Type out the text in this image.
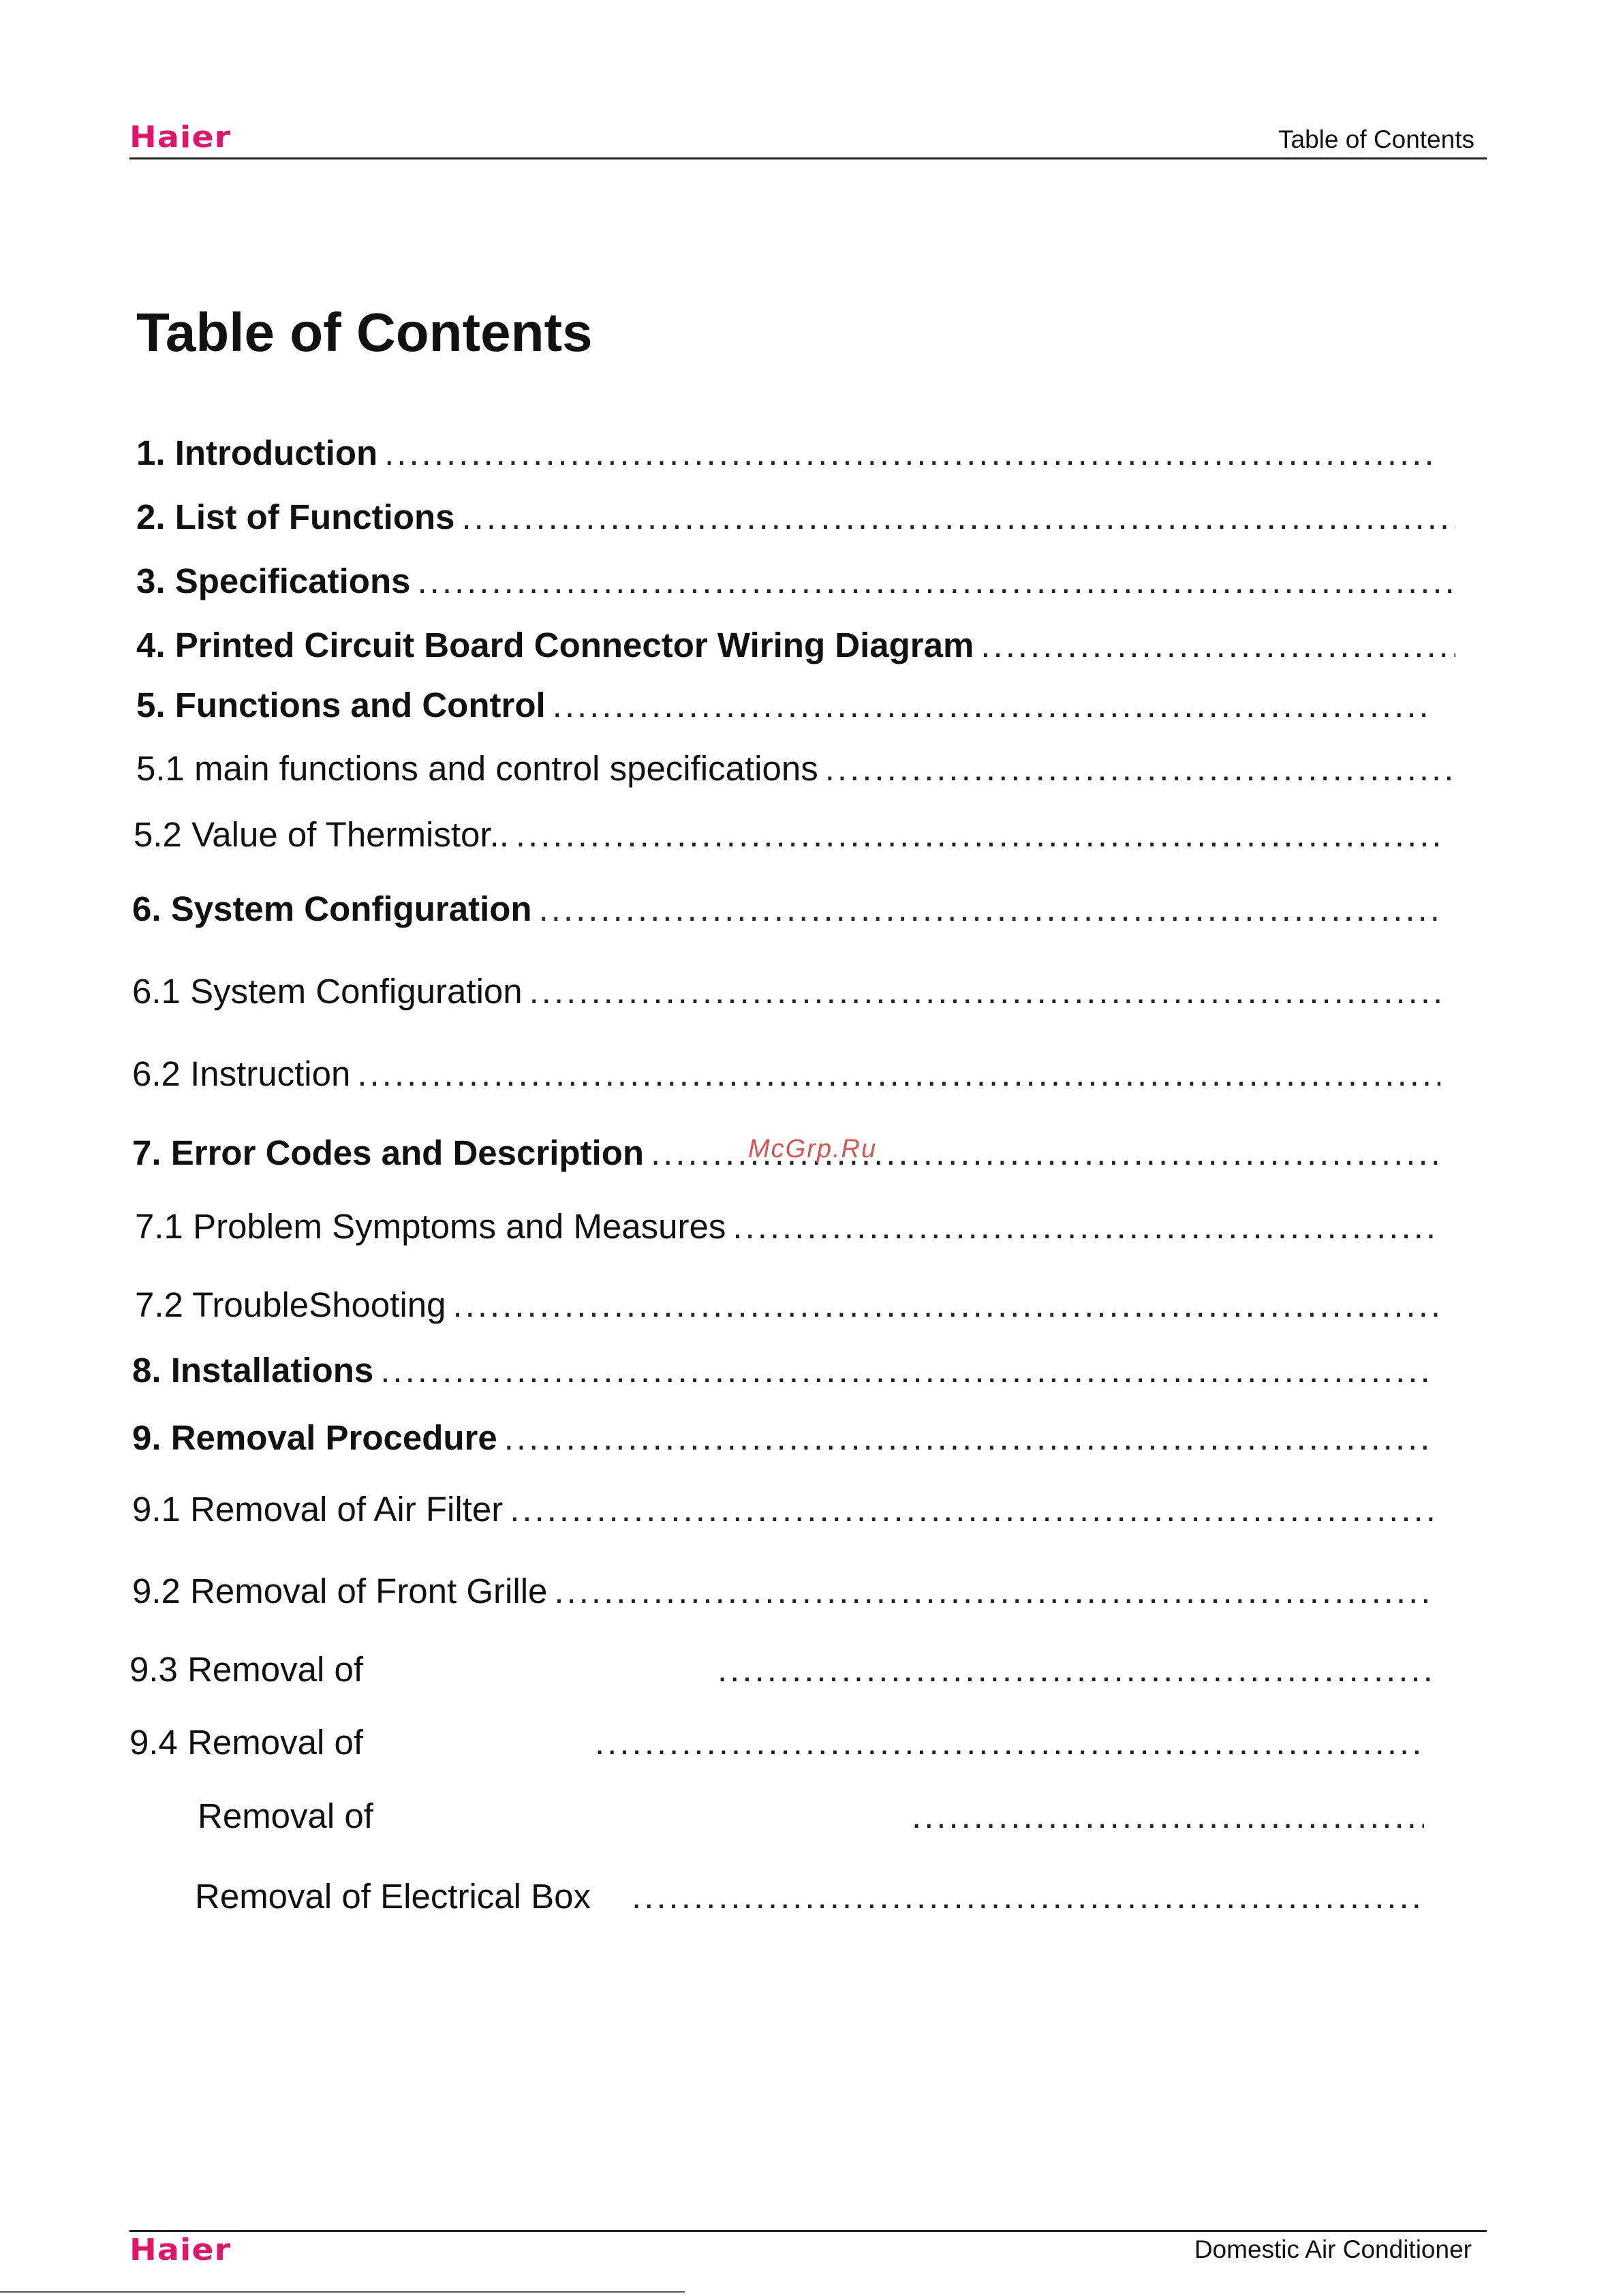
Haier	Table of Contents
Table of Contents
1. Introduction
.....
2. List of Functions
.....
3. Specifications
.....
4. Printed Circuit Board Connector Wiring Diagram
.....
5. Functions and Control
.....
5.1 main functions and control specifications
.....
5.2 Value of Thermistor..
.....
6. System Configuration
.....
6.1 System Configuration
.....
6.2 Instruction
.....
7. Error Codes and Description
.....
7.1 Problem Symptoms and Measures
.....
7.2 TroubleShooting
.....
8. Installations
.....
9. Removal Procedure
.....
9.1 Removal of Air Filter
.....
9.2 Removal of Front Grille
.....
9.3 Removal of
.....
9.4 Removal of
.....
Removal of
.....
Removal of Electrical Box
.....
McGrp.Ru
Haier	Domestic Air Conditioner
